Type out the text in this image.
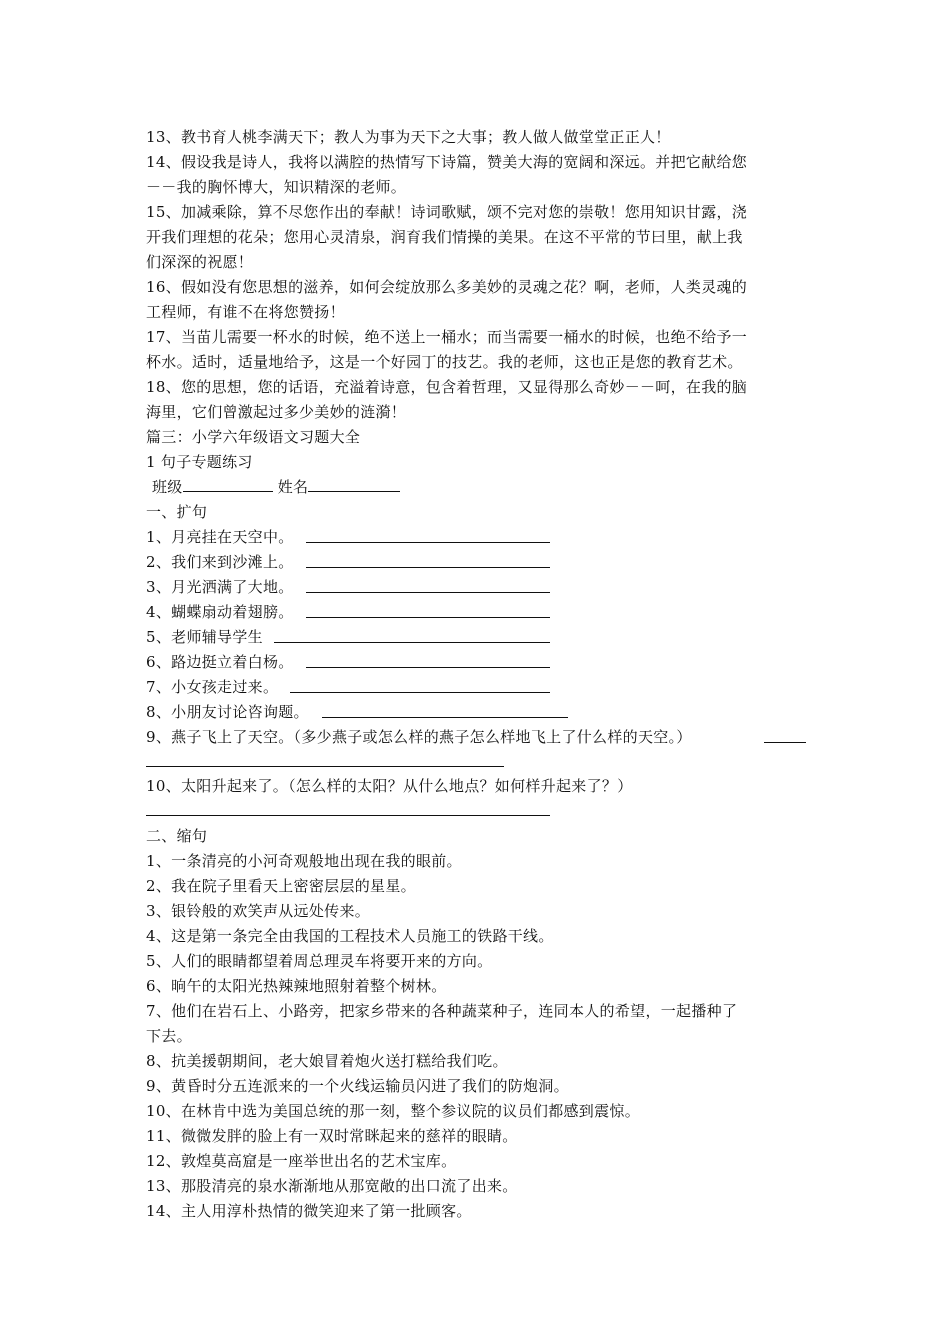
13、教书育人桃李满天下；教人为事为天下之大事；教人做人做堂堂正正人！
14、假设我是诗人，我将以满腔的热情写下诗篇，赞美大海的宽阔和深远。并把它献给您
－－我的胸怀博大，知识精深的老师。
15、加减乘除，算不尽您作出的奉献！诗词歌赋，颂不完对您的崇敬！您用知识甘露，浇
开我们理想的花朵；您用心灵清泉，润育我们情操的美果。在这不平常的节曰里，献上我
们深深的祝愿！
16、假如没有您思想的滋养，如何会绽放那么多美妙的灵魂之花？啊，老师，人类灵魂的
工程师，有谁不在将您赞扬！
17、当苗儿需要一杯水的时候，绝不送上一桶水；而当需要一桶水的时候，也绝不给予一
杯水。适时，适量地给予，这是一个好园丁的技艺。我的老师，这也正是您的教育艺术。
18、您的思想，您的话语，充溢着诗意，包含着哲理，又显得那么奇妙－－呵，在我的脑
海里，它们曾激起过多少美妙的涟漪！
篇三：小学六年级语文习题大全
1 句子专题练习
班级	姓名
一、扩句
1、月亮挂在天空中。
2、我们来到沙滩上。
3、月光洒满了大地。
4、蝴蝶扇动着翅膀。
5、老师辅导学生
6、路边挺立着白杨。
7、小女孩走过来。
8、小朋友讨论咨询题。
9、燕子飞上了天空。（多少燕子或怎么样的燕子怎么样地飞上了什么样的天空。）
10、太阳升起来了。（怎么样的太阳？从什么地点？如何样升起来了？）
二、缩句
1、一条清亮的小河奇观般地出现在我的眼前。
2、我在院子里看天上密密层层的星星。
3、银铃般的欢笑声从远处传来。
4、这是第一条完全由我国的工程技术人员施工的铁路干线。
5、人们的眼睛都望着周总理灵车将要开来的方向。
6、晌午的太阳光热辣辣地照射着整个树林。
7、他们在岩石上、小路旁，把家乡带来的各种蔬菜种子，连同本人的希望，一起播种了
下去。
8、抗美援朝期间，老大娘冒着炮火送打糕给我们吃。
9、黄昏时分五连派来的一个火线运输员闪进了我们的防炮洞。
10、在林肯中选为美国总统的那一刻，整个参议院的议员们都感到震惊。
11、微微发胖的脸上有一双时常眯起来的慈祥的眼睛。
12、敦煌莫高窟是一座举世出名的艺术宝库。
13、那股清亮的泉水渐渐地从那宽敞的出口流了出来。
14、主人用淳朴热情的微笑迎来了第一批顾客。
